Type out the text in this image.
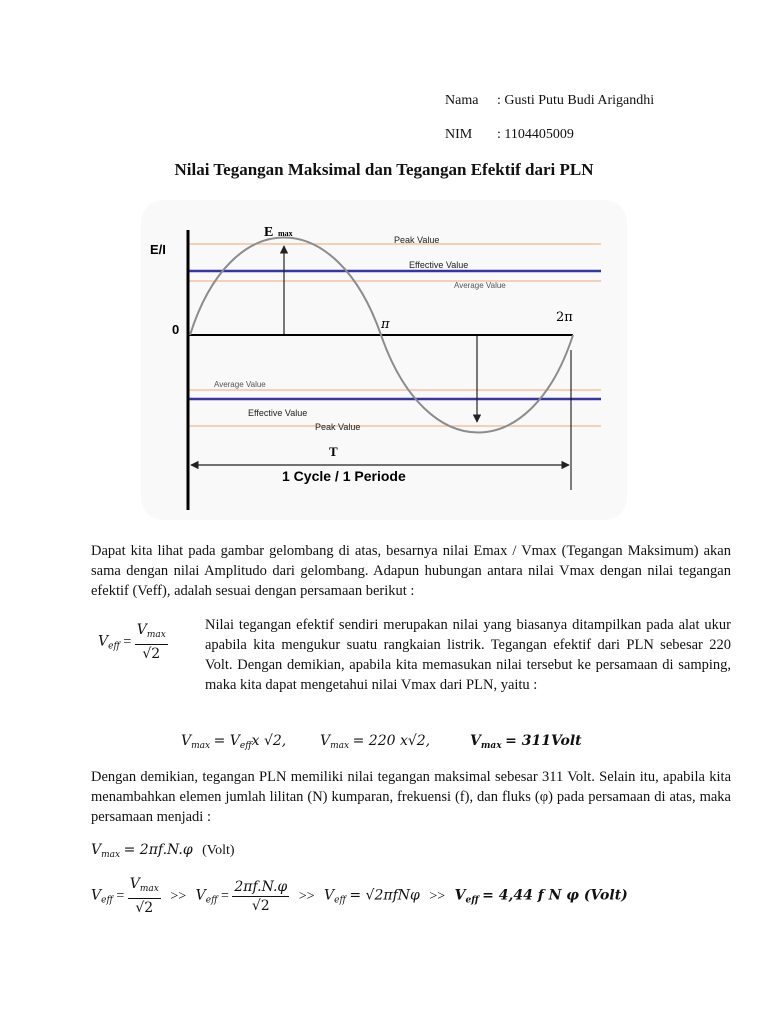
Nama : Gusti Putu Budi Arigandhi
NIM : 1104405009
Nilai Tegangan Maksimal dan Tegangan Efektif dari PLN
E/I
0
E max
π	2π
Peak Value
Effective Value
Average Value
Average Value
Effective Value
Peak Value
T
1 Cycle / 1 Periode
Dapat kita lihat pada gambar gelombang di atas, besarnya nilai Emax / Vmax (Tegangan Maksimum) akan sama dengan nilai Amplitudo dari gelombang. Adapun hubungan antara nilai Vmax dengan nilai tegangan efektif (Veff), adalah sesuai dengan persamaan berikut :
$V_{eff} = \frac{V_{max}}{√2}$	Nilai tegangan efektif sendiri merupakan nilai yang biasanya ditampilkan pada alat ukur apabila kita mengukur suatu rangkaian listrik. Tegangan efektif dari PLN sebesar 220 Volt. Dengan demikian, apabila kita memasukan nilai tersebut ke persamaan di samping, maka kita dapat mengetahui nilai Vmax dari PLN, yaitu :
$V_{max} = V_{eff}x$ √2, $V_{max} = 220$ x√2,	$V_{max}$ = 311Volt
Dengan demikian, tegangan PLN memiliki nilai tegangan maksimal sebesar 311 Volt. Selain itu, apabila kita menambahkan elemen jumlah lilitan (N) kumparan, frekuensi (f), dan fluks (φ) pada persamaan di atas, maka persamaan menjadi :
$V_{max} = 2\pi f.N.\varphi$ (Volt)
$V_{eff} = \frac{V_{max}}{√2} >> V_{eff} = \frac{2\pi f.N.\varphi}{√2} >> V_{eff} = √2\pi fN\varphi >> V_{eff} = 4,44$ f N φ (Volt)
